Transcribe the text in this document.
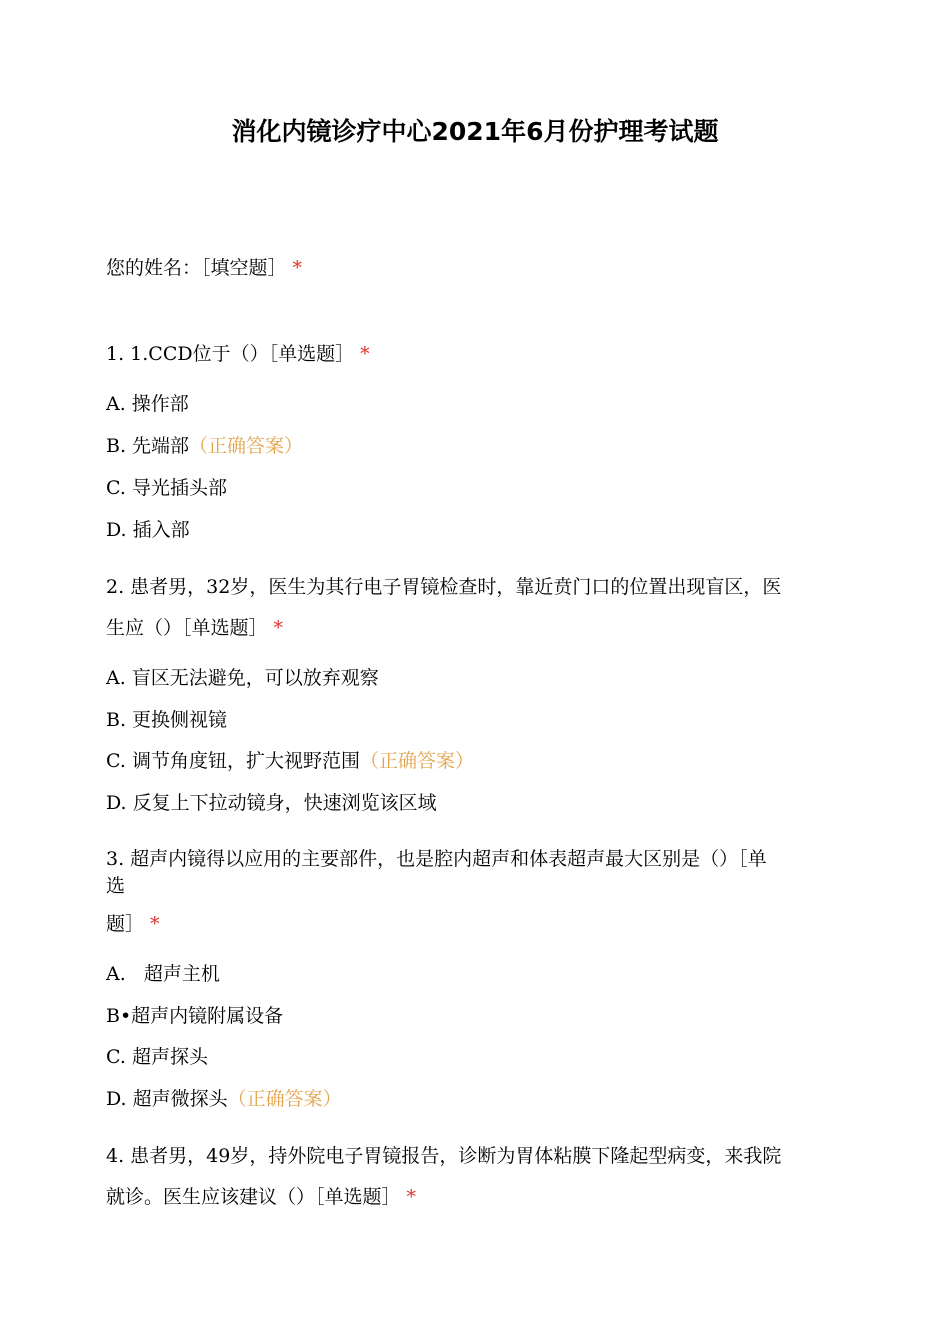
消化内镜诊疗中心2021年6月份护理考试题
您的姓名：［填空题］ *
1. 1.CCD位于（）［单选题］ *
A. 操作部
B. 先端部（正确答案）
C. 导光插头部
D. 插入部
2. 患者男，32岁，医生为其行电子胃镜检查时，靠近贲门口的位置出现盲区，医
生应（）［单选题］ *
A. 盲区无法避免，可以放弃观察
B. 更换侧视镜
C. 调节角度钮，扩大视野范围（正确答案）
D. 反复上下拉动镜身，快速浏览该区域
3. 超声内镜得以应用的主要部件，也是腔内超声和体表超声最大区别是（）［单
选
题］ *
A.   超声主机
B•超声内镜附属设备
C. 超声探头
D. 超声微探头（正确答案）
4. 患者男，49岁，持外院电子胃镜报告，诊断为胃体粘膜下隆起型病变，来我院
就诊。医生应该建议（）［单选题］ *
